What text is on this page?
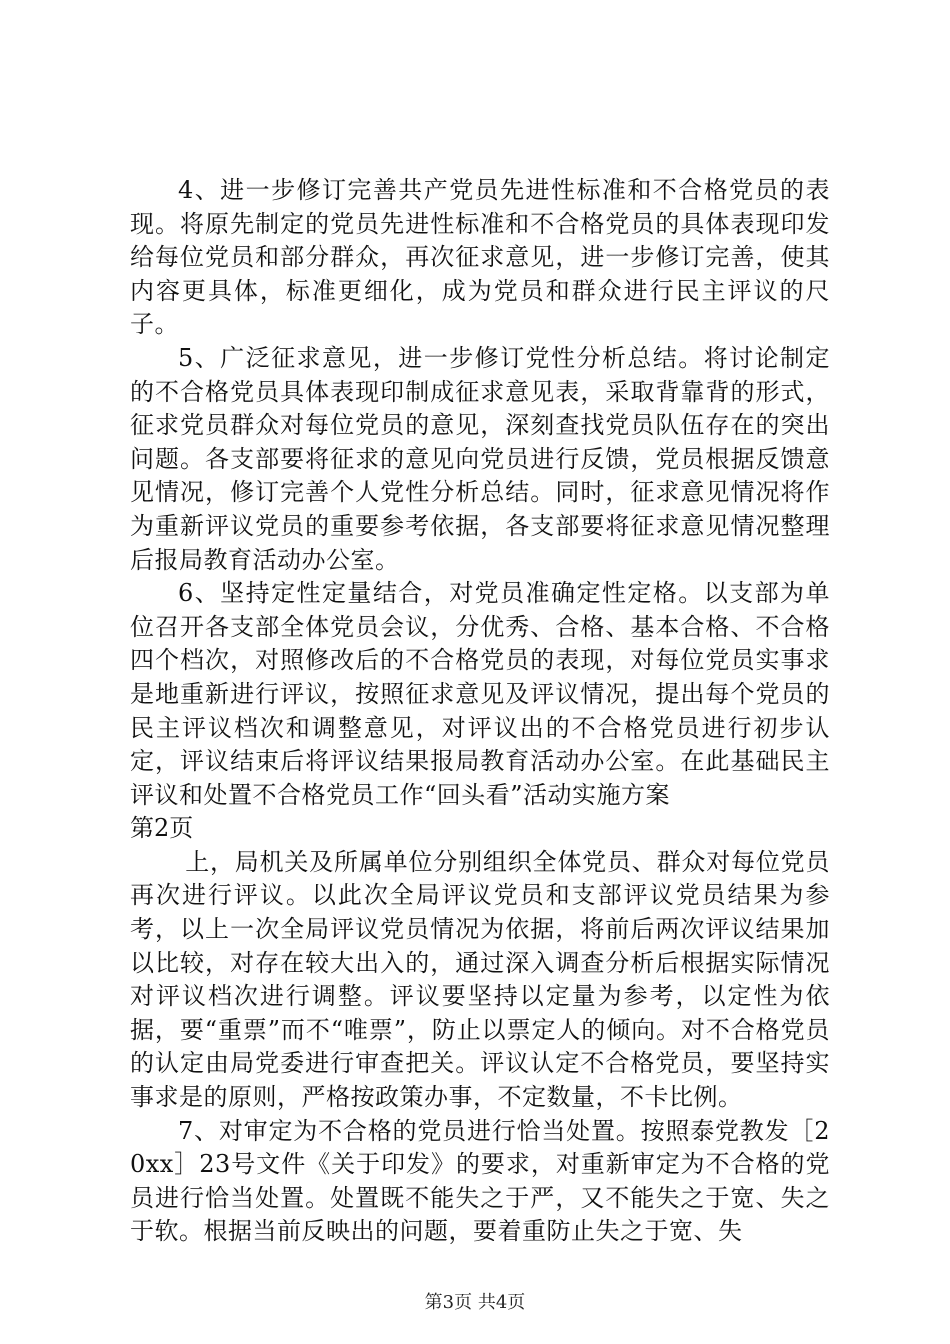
4、进一步修订完善共产党员先进性标准和不合格党员的表现。将原先制定的党员先进性标准和不合格党员的具体表现印发给每位党员和部分群众，再次征求意见，进一步修订完善，使其内容更具体，标准更细化，成为党员和群众进行民主评议的尺子。

5、广泛征求意见，进一步修订党性分析总结。将讨论制定的不合格党员具体表现印制成征求意见表，采取背靠背的形式，征求党员群众对每位党员的意见，深刻查找党员队伍存在的突出问题。各支部要将征求的意见向党员进行反馈，党员根据反馈意见情况，修订完善个人党性分析总结。同时，征求意见情况将作为重新评议党员的重要参考依据，各支部要将征求意见情况整理后报局教育活动办公室。

6、坚持定性定量结合，对党员准确定性定格。以支部为单位召开各支部全体党员会议，分优秀、合格、基本合格、不合格四个档次，对照修改后的不合格党员的表现，对每位党员实事求是地重新进行评议，按照征求意见及评议情况，提出每个党员的民主评议档次和调整意见，对评议出的不合格党员进行初步认定，评议结束后将评议结果报局教育活动办公室。在此基础民主评议和处置不合格党员工作“回头看”活动实施方案

第2页

上，局机关及所属单位分别组织全体党员、群众对每位党员再次进行评议。以此次全局评议党员和支部评议党员结果为参考，以上一次全局评议党员情况为依据，将前后两次评议结果加以比较，对存在较大出入的，通过深入调查分析后根据实际情况对评议档次进行调整。评议要坚持以定量为参考，以定性为依据，要“重票”而不“唯票”，防止以票定人的倾向。对不合格党员的认定由局党委进行审查把关。评议认定不合格党员，要坚持实事求是的原则，严格按政策办事，不定数量，不卡比例。

7、对审定为不合格的党员进行恰当处置。按照泰党教发［20xx］23号文件《关于印发》的要求，对重新审定为不合格的党员进行恰当处置。处置既不能失之于严，又不能失之于宽、失之于软。根据当前反映出的问题，要着重防止失之于宽、失

第3页 共4页
